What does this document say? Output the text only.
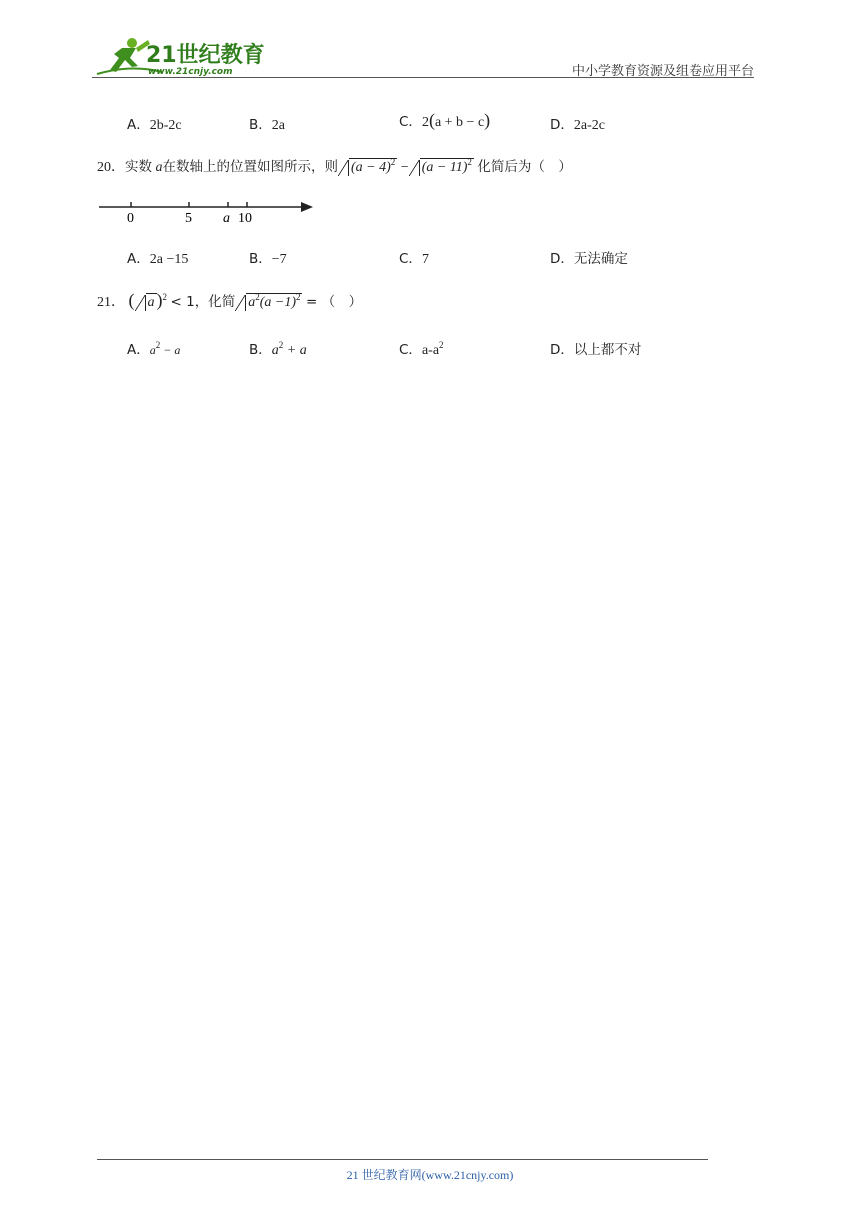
21世纪教育
www.21cnjy.com	中小学教育资源及组卷应用平台
A．2b-2c	B．2a	C．2(a + b − c)	D．2a-2c
20．实数 a在数轴上的位置如图所示，则 $(a - 4)^2 - (a - 11)^2$ 化简后为（　）
0	5 a 10
A．2a −15	B．−7	C．7	D．无法确定
21． ( a )$^2$ < 1，化简 $a^2(a -1)^2$ = （　）
A．$a^2 - a$	B．$a^2 + a$	C．$a-a^2$	D．以上都不对
21 世纪教育网(www.21cnjy.com)
